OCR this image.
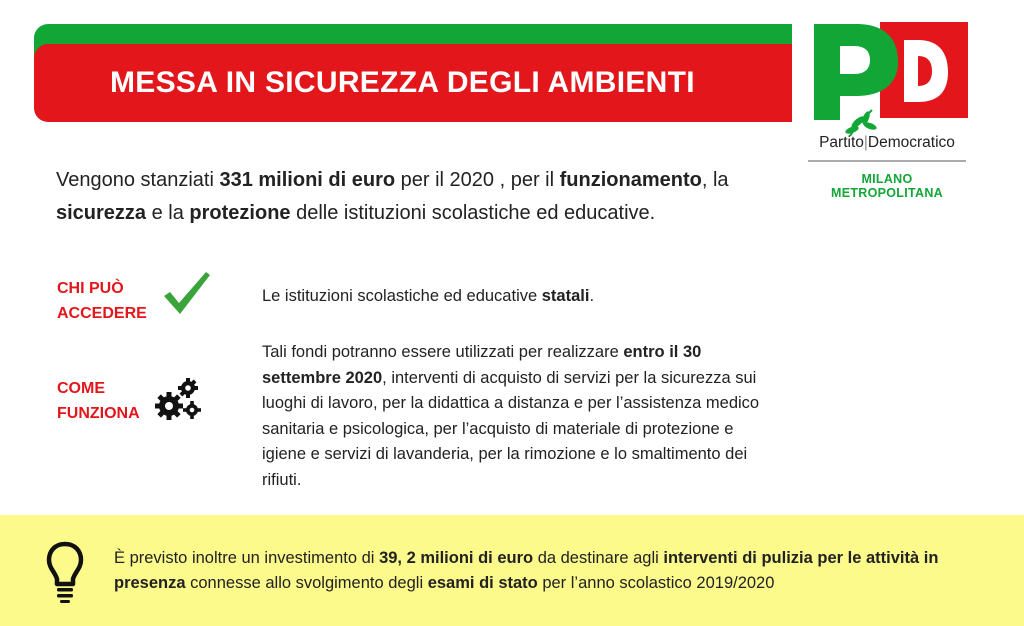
MESSA IN SICUREZZA DEGLI AMBIENTI
Partito|Democratico
MILANO METROPOLITANA
Vengono stanziati 331 milioni di euro per il 2020 , per il funzionamento, la sicurezza e la protezione delle istituzioni scolastiche ed educative.
CHI PUÒ
ACCEDERE
Le istituzioni scolastiche ed educative statali.
COME
FUNZIONA
Tali fondi potranno essere utilizzati per realizzare entro il 30 settembre 2020, interventi di acquisto di servizi per la sicurezza sui luoghi di lavoro, per la didattica a distanza e per l’assistenza medico sanitaria e psicologica, per l’acquisto di materiale di protezione e igiene e servizi di lavanderia, per la rimozione e lo smaltimento dei rifiuti.
È previsto inoltre un investimento di 39, 2 milioni di euro da destinare agli interventi di pulizia per le attività in presenza connesse allo svolgimento degli esami di stato per l’anno scolastico 2019/2020
